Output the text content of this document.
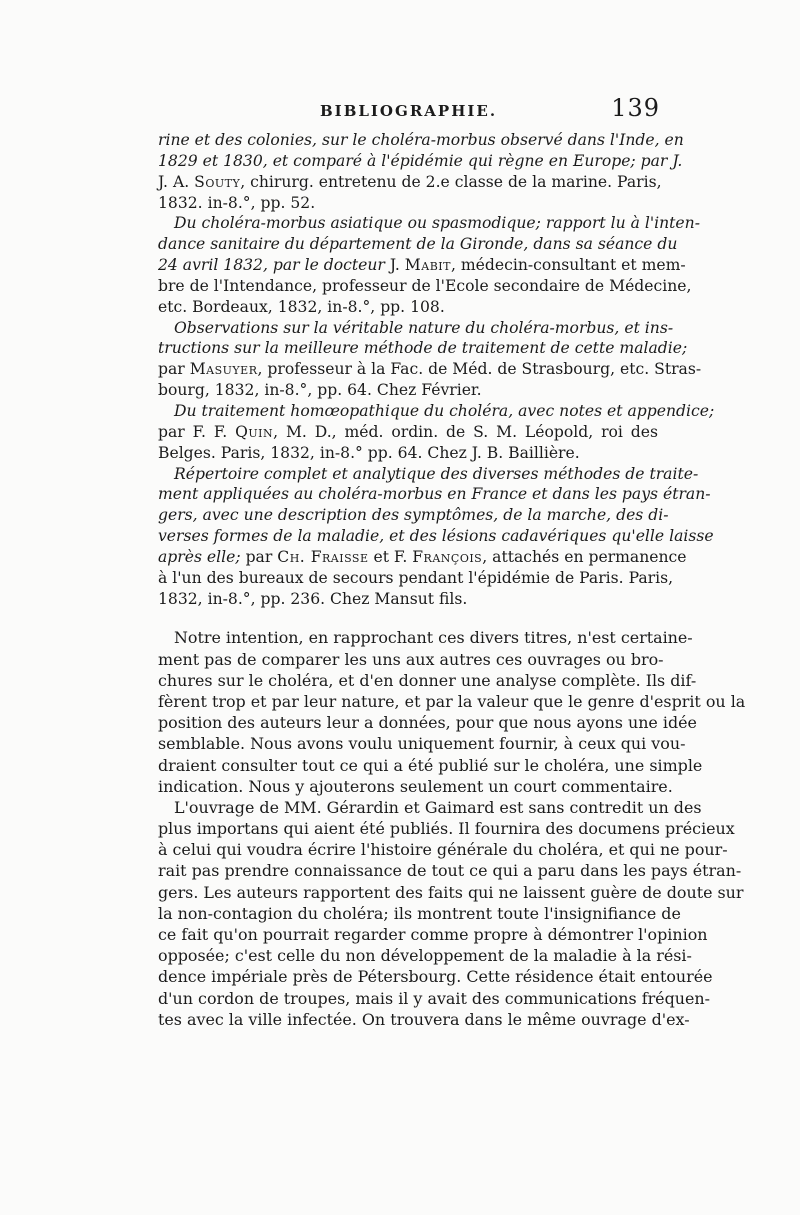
BIBLIOGRAPHIE.	139
rine et des colonies, sur le choléra-morbus observé dans l'Inde, en
1829 et 1830, et comparé à l'épidémie qui règne en Europe; par J.
J. A. Souty, chirurg. entretenu de 2.e classe de la marine. Paris,
1832. in-8.°, pp. 52.
Du choléra-morbus asiatique ou spasmodique; rapport lu à l'inten-
dance sanitaire du département de la Gironde, dans sa séance du
24 avril 1832, par le docteur J. Mabit, médecin-consultant et mem-
bre de l'Intendance, professeur de l'Ecole secondaire de Médecine,
etc. Bordeaux, 1832, in-8.°, pp. 108.
Observations sur la véritable nature du choléra-morbus, et ins-
tructions sur la meilleure méthode de traitement de cette maladie;
par Masuyer, professeur à la Fac. de Méd. de Strasbourg, etc. Stras-
bourg, 1832, in-8.°, pp. 64. Chez Février.
Du traitement homœopathique du choléra, avec notes et appendice;
par F. F. Quin, M. D., méd. ordin. de S. M. Léopold, roi des
Belges. Paris, 1832, in-8.° pp. 64. Chez J. B. Baillière.
Répertoire complet et analytique des diverses méthodes de traite-
ment appliquées au choléra-morbus en France et dans les pays étran-
gers, avec une description des symptômes, de la marche, des di-
verses formes de la maladie, et des lésions cadavériques qu'elle laisse
après elle; par Ch. Fraisse et F. François, attachés en permanence
à l'un des bureaux de secours pendant l'épidémie de Paris. Paris,
1832, in-8.°, pp. 236. Chez Mansut fils.
Notre intention, en rapprochant ces divers titres, n'est certaine-
ment pas de comparer les uns aux autres ces ouvrages ou bro-
chures sur le choléra, et d'en donner une analyse complète. Ils dif-
fèrent trop et par leur nature, et par la valeur que le genre d'esprit ou la
position des auteurs leur a données, pour que nous ayons une idée
semblable. Nous avons voulu uniquement fournir, à ceux qui vou-
draient consulter tout ce qui a été publié sur le choléra, une simple
indication. Nous y ajouterons seulement un court commentaire.
L'ouvrage de MM. Gérardin et Gaimard est sans contredit un des
plus importans qui aient été publiés. Il fournira des documens précieux
à celui qui voudra écrire l'histoire générale du choléra, et qui ne pour-
rait pas prendre connaissance de tout ce qui a paru dans les pays étran-
gers. Les auteurs rapportent des faits qui ne laissent guère de doute sur
la non-contagion du choléra; ils montrent toute l'insignifiance de
ce fait qu'on pourrait regarder comme propre à démontrer l'opinion
opposée; c'est celle du non développement de la maladie à la rési-
dence impériale près de Pétersbourg. Cette résidence était entourée
d'un cordon de troupes, mais il y avait des communications fréquen-
tes avec la ville infectée. On trouvera dans le même ouvrage d'ex-
